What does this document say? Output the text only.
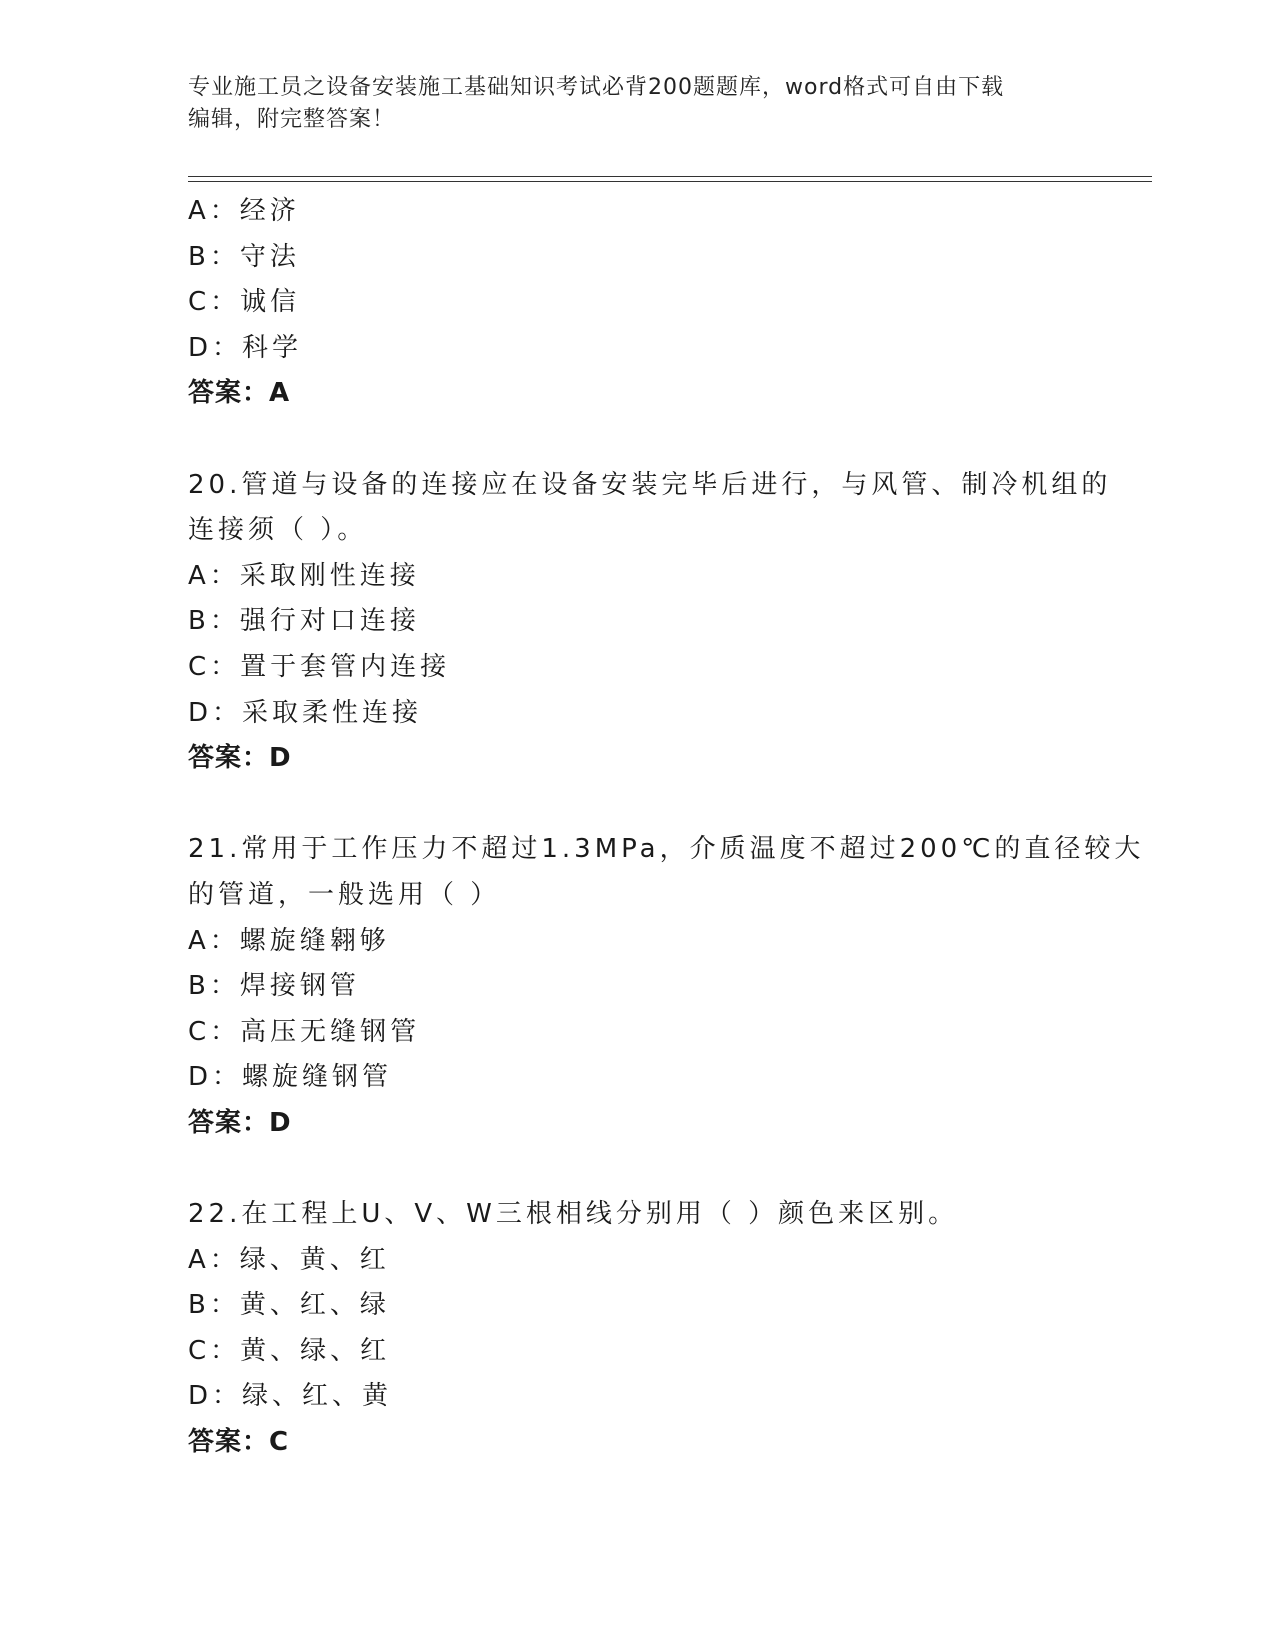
专业施工员之设备安装施工基础知识考试必背200题题库，word格式可自由下载
编辑，附完整答案！
A：经济
B：守法
C：诚信
D：科学
答案：A
20.管道与设备的连接应在设备安装完毕后进行，与风管、制冷机组的
连接须（ ）。
A：采取刚性连接
B：强行对口连接
C：置于套管内连接
D：采取柔性连接
答案：D
21.常用于工作压力不超过1.3MPa，介质温度不超过200℃的直径较大
的管道，一般选用（ ）
A：螺旋缝翱够
B：焊接钢管
C：高压无缝钢管
D：螺旋缝钢管
答案：D
22.在工程上U、V、W三根相线分别用（ ）颜色来区别。
A：绿、黄、红
B：黄、红、绿
C：黄、绿、红
D：绿、红、黄
答案：C
